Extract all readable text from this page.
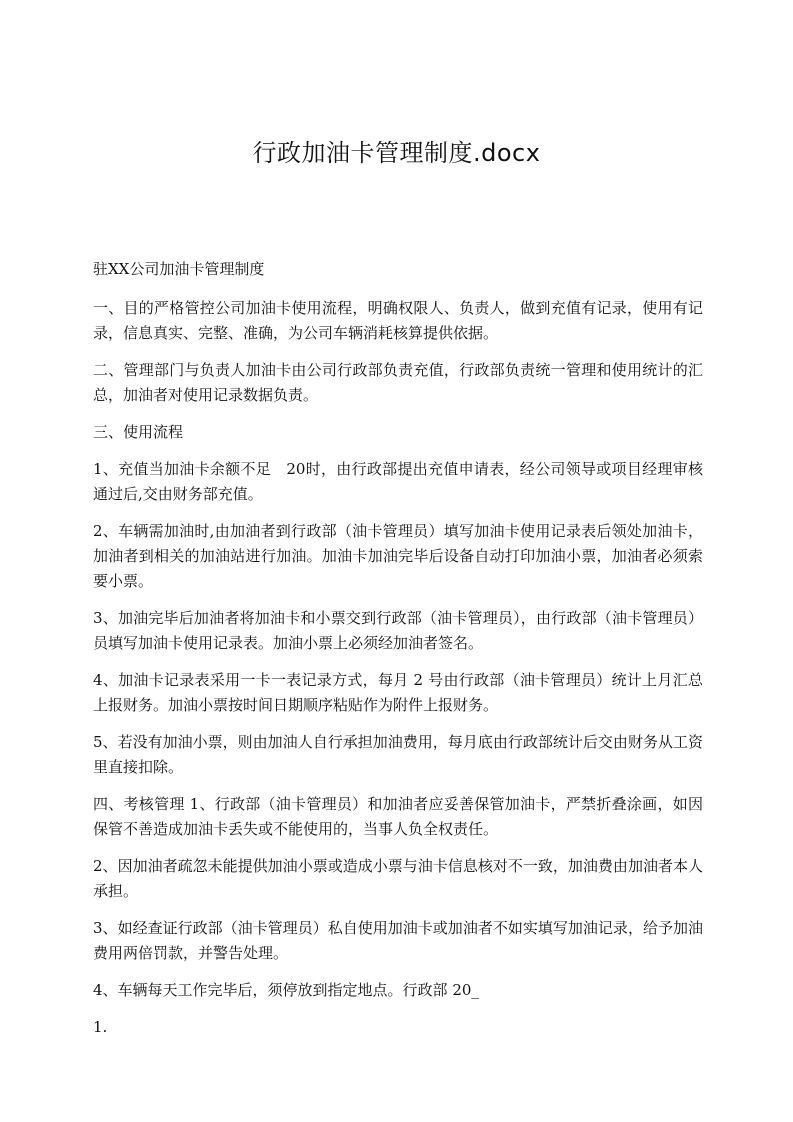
行政加油卡管理制度.docx

驻XX公司加油卡管理制度

一、目的严格管控公司加油卡使用流程，明确权限人、负责人，做到充值有记录，使用有记录，信息真实、完整、准确，为公司车辆消耗核算提供依据。

二、管理部门与负责人加油卡由公司行政部负责充值，行政部负责统一管理和使用统计的汇总，加油者对使用记录数据负责。

三、使用流程

1、充值当加油卡余额不足　20时，由行政部提出充值申请表，经公司领导或项目经理审核通过后,交由财务部充值。

2、车辆需加油时,由加油者到行政部（油卡管理员）填写加油卡使用记录表后领处加油卡，加油者到相关的加油站进行加油。加油卡加油完毕后设备自动打印加油小票，加油者必须索要小票。

3、加油完毕后加油者将加油卡和小票交到行政部（油卡管理员），由行政部（油卡管理员）员填写加油卡使用记录表。加油小票上必须经加油者签名。

4、加油卡记录表采用一卡一表记录方式，每月 2 号由行政部（油卡管理员）统计上月汇总上报财务。加油小票按时间日期顺序粘贴作为附件上报财务。

5、若没有加油小票，则由加油人自行承担加油费用，每月底由行政部统计后交由财务从工资里直接扣除。

四、考核管理 1、行政部（油卡管理员）和加油者应妥善保管加油卡，严禁折叠涂画，如因保管不善造成加油卡丢失或不能使用的，当事人负全权责任。

2、因加油者疏忽未能提供加油小票或造成小票与油卡信息核对不一致，加油费由加油者本人承担。

3、如经查证行政部（油卡管理员）私自使用加油卡或加油者不如实填写加油记录，给予加油费用两倍罚款，并警告处理。

4、车辆每天工作完毕后，须停放到指定地点。行政部 20_

1.
